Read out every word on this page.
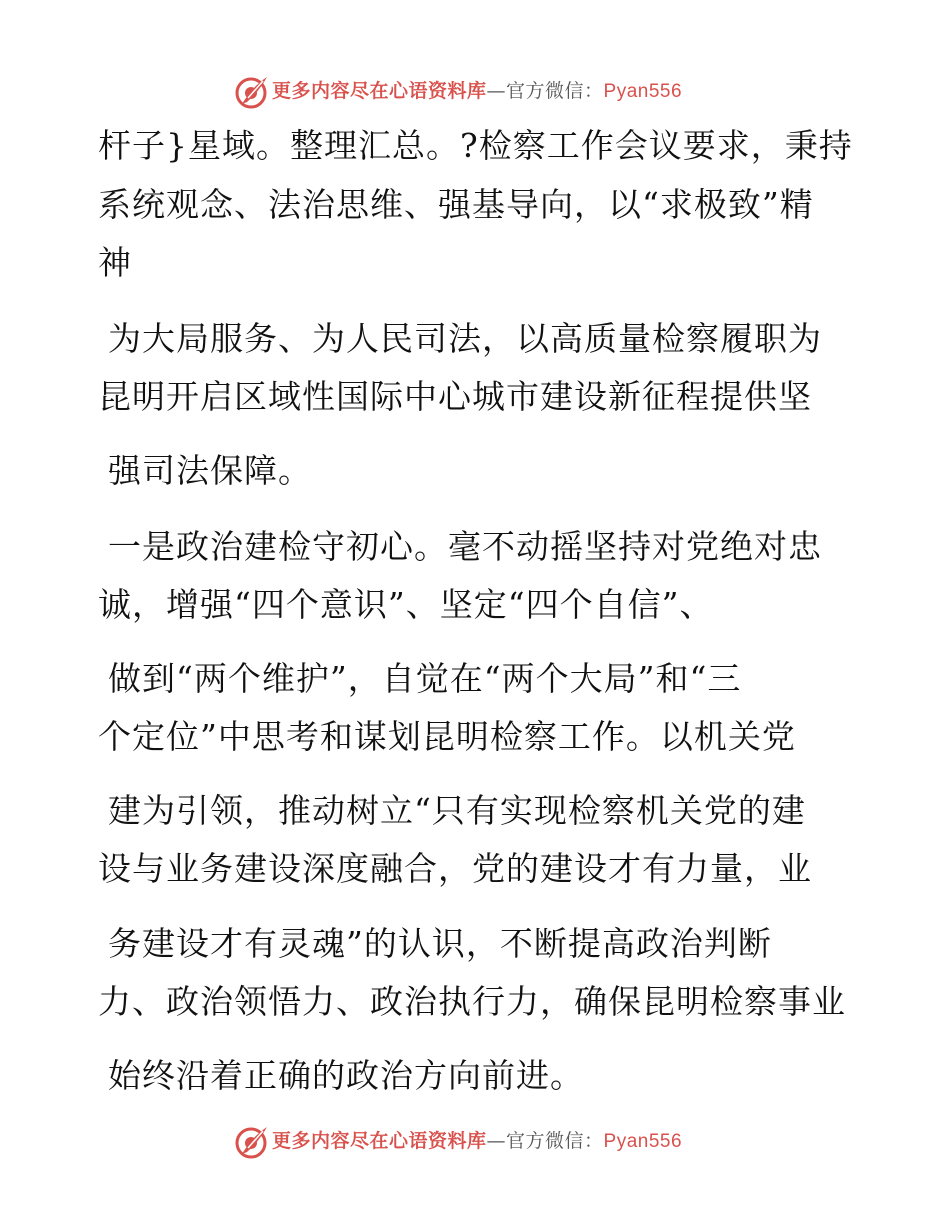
更多内容尽在心语资料库—官方微信：Pyan556
杆子}星域。整理汇总。?检察工作会议要求，秉持
系统观念、法治思维、强基导向，以“求极致”精
神
为大局服务、为人民司法，以高质量检察履职为
昆明开启区域性国际中心城市建设新征程提供坚
强司法保障。
一是政治建检守初心。毫不动摇坚持对党绝对忠
诚，增强“四个意识”、坚定“四个自信”、
做到“两个维护”，自觉在“两个大局”和“三
个定位”中思考和谋划昆明检察工作。以机关党
建为引领，推动树立“只有实现检察机关党的建
设与业务建设深度融合，党的建设才有力量，业
务建设才有灵魂”的认识，不断提高政治判断
力、政治领悟力、政治执行力，确保昆明检察事业
始终沿着正确的政治方向前进。
更多内容尽在心语资料库—官方微信：Pyan556
